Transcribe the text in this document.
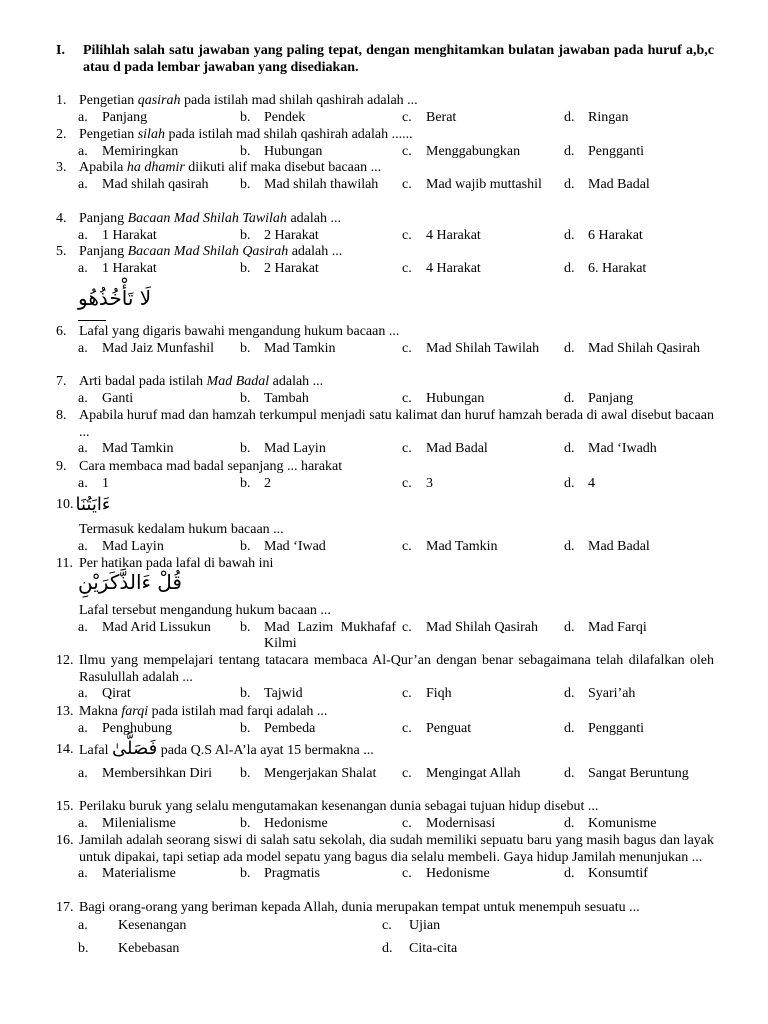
I. Pilihlah salah satu jawaban yang paling tepat, dengan menghitamkan bulatan jawaban pada huruf a,b,c atau d pada lembar jawaban yang disediakan.
1. Pengetian qasirah pada istilah mad shilah qashirah adalah ...
a.	Panjang	b. Pendek	c.	Berat	d. Ringan
2. Pengetian silah pada istilah mad shilah qashirah adalah ......
a.	Memiringkan	b. Hubungan	c.	Menggabungkan	d. Pengganti
3. Apabila ha dhamir diikuti alif maka disebut bacaan ...
a.	Mad shilah qasirah	b. Mad shilah thawilah	c.	Mad wajib muttashil	d. Mad Badal
4. Panjang Bacaan Mad Shilah Tawilah adalah ...
a.	1 Harakat	b. 2 Harakat	c.	4 Harakat	d. 6 Harakat
5. Panjang Bacaan Mad Shilah Qasirah adalah ...
a.	1 Harakat	b. 2 Harakat	c.	4 Harakat	d. 6. Harakat
لَا تَأْخُذُهُو
6. Lafal yang digaris bawahi mengandung hukum bacaan ...
a.	Mad Jaiz Munfashil	b. Mad Tamkin	c.	Mad Shilah Tawilah	d. Mad Shilah Qasirah
7. Arti badal pada istilah Mad Badal adalah ...
a.	Ganti	b. Tambah	c.	Hubungan	d. Panjang
8. Apabila huruf mad dan hamzah terkumpul menjadi satu kalimat dan huruf hamzah berada di awal disebut bacaan ...
a.	Mad Tamkin	b. Mad Layin	c.	Mad Badal	d. Mad ‘Iwadh
9. Cara membaca mad badal sepanjang ... harakat
a.	1	b. 2	c.	3	d. 4
10. ءَايَتُنَا
Termasuk kedalam hukum bacaan ...
a.	Mad Layin	b. Mad ‘Iwad	c.	Mad Tamkin	d. Mad Badal
11. Per hatikan pada lafal di bawah ini
قُلْ ءَالذَّكَرَيْنِ
Lafal tersebut mengandung hukum bacaan ...
a.	Mad Arid Lissukun	b. Mad Lazim Mukhafaf Kilmi
c.	Mad Shilah Qasirah	d. Mad Farqi
12. Ilmu yang mempelajari tentang tatacara membaca Al-Qur’an dengan benar sebagaimana telah dilafalkan oleh Rasulullah adalah ...
a.	Qirat	b. Tajwid	c.	Fiqh	d. Syari’ah
13. Makna farqi pada istilah mad farqi adalah ...
a.	Penghubung	b. Pembeda	c.	Penguat	d. Pengganti
14. Lafal فَصَلَّىٰ pada Q.S Al-A’la ayat 15 bermakna ...
a.	Membersihkan Diri	b. Mengerjakan Shalat	c.	Mengingat Allah	d. Sangat Beruntung
15. Perilaku buruk yang selalu mengutamakan kesenangan dunia sebagai tujuan hidup disebut ...
a.	Milenialisme	b. Hedonisme	c.	Modernisasi	d. Komunisme
16. Jamilah adalah seorang siswi di salah satu sekolah, dia sudah memiliki sepuatu baru yang masih bagus dan layak untuk dipakai, tapi setiap ada model sepatu yang bagus dia selalu membeli. Gaya hidup Jamilah menunjukan ...
a.	Materialisme	b. Pragmatis	c.	Hedonisme	d. Konsumtif
17. Bagi orang-orang yang beriman kepada Allah, dunia merupakan tempat untuk menempuh sesuatu ...
a.	Kesenangan	c.	Ujian
b.	Kebebasan	d.	Cita-cita
